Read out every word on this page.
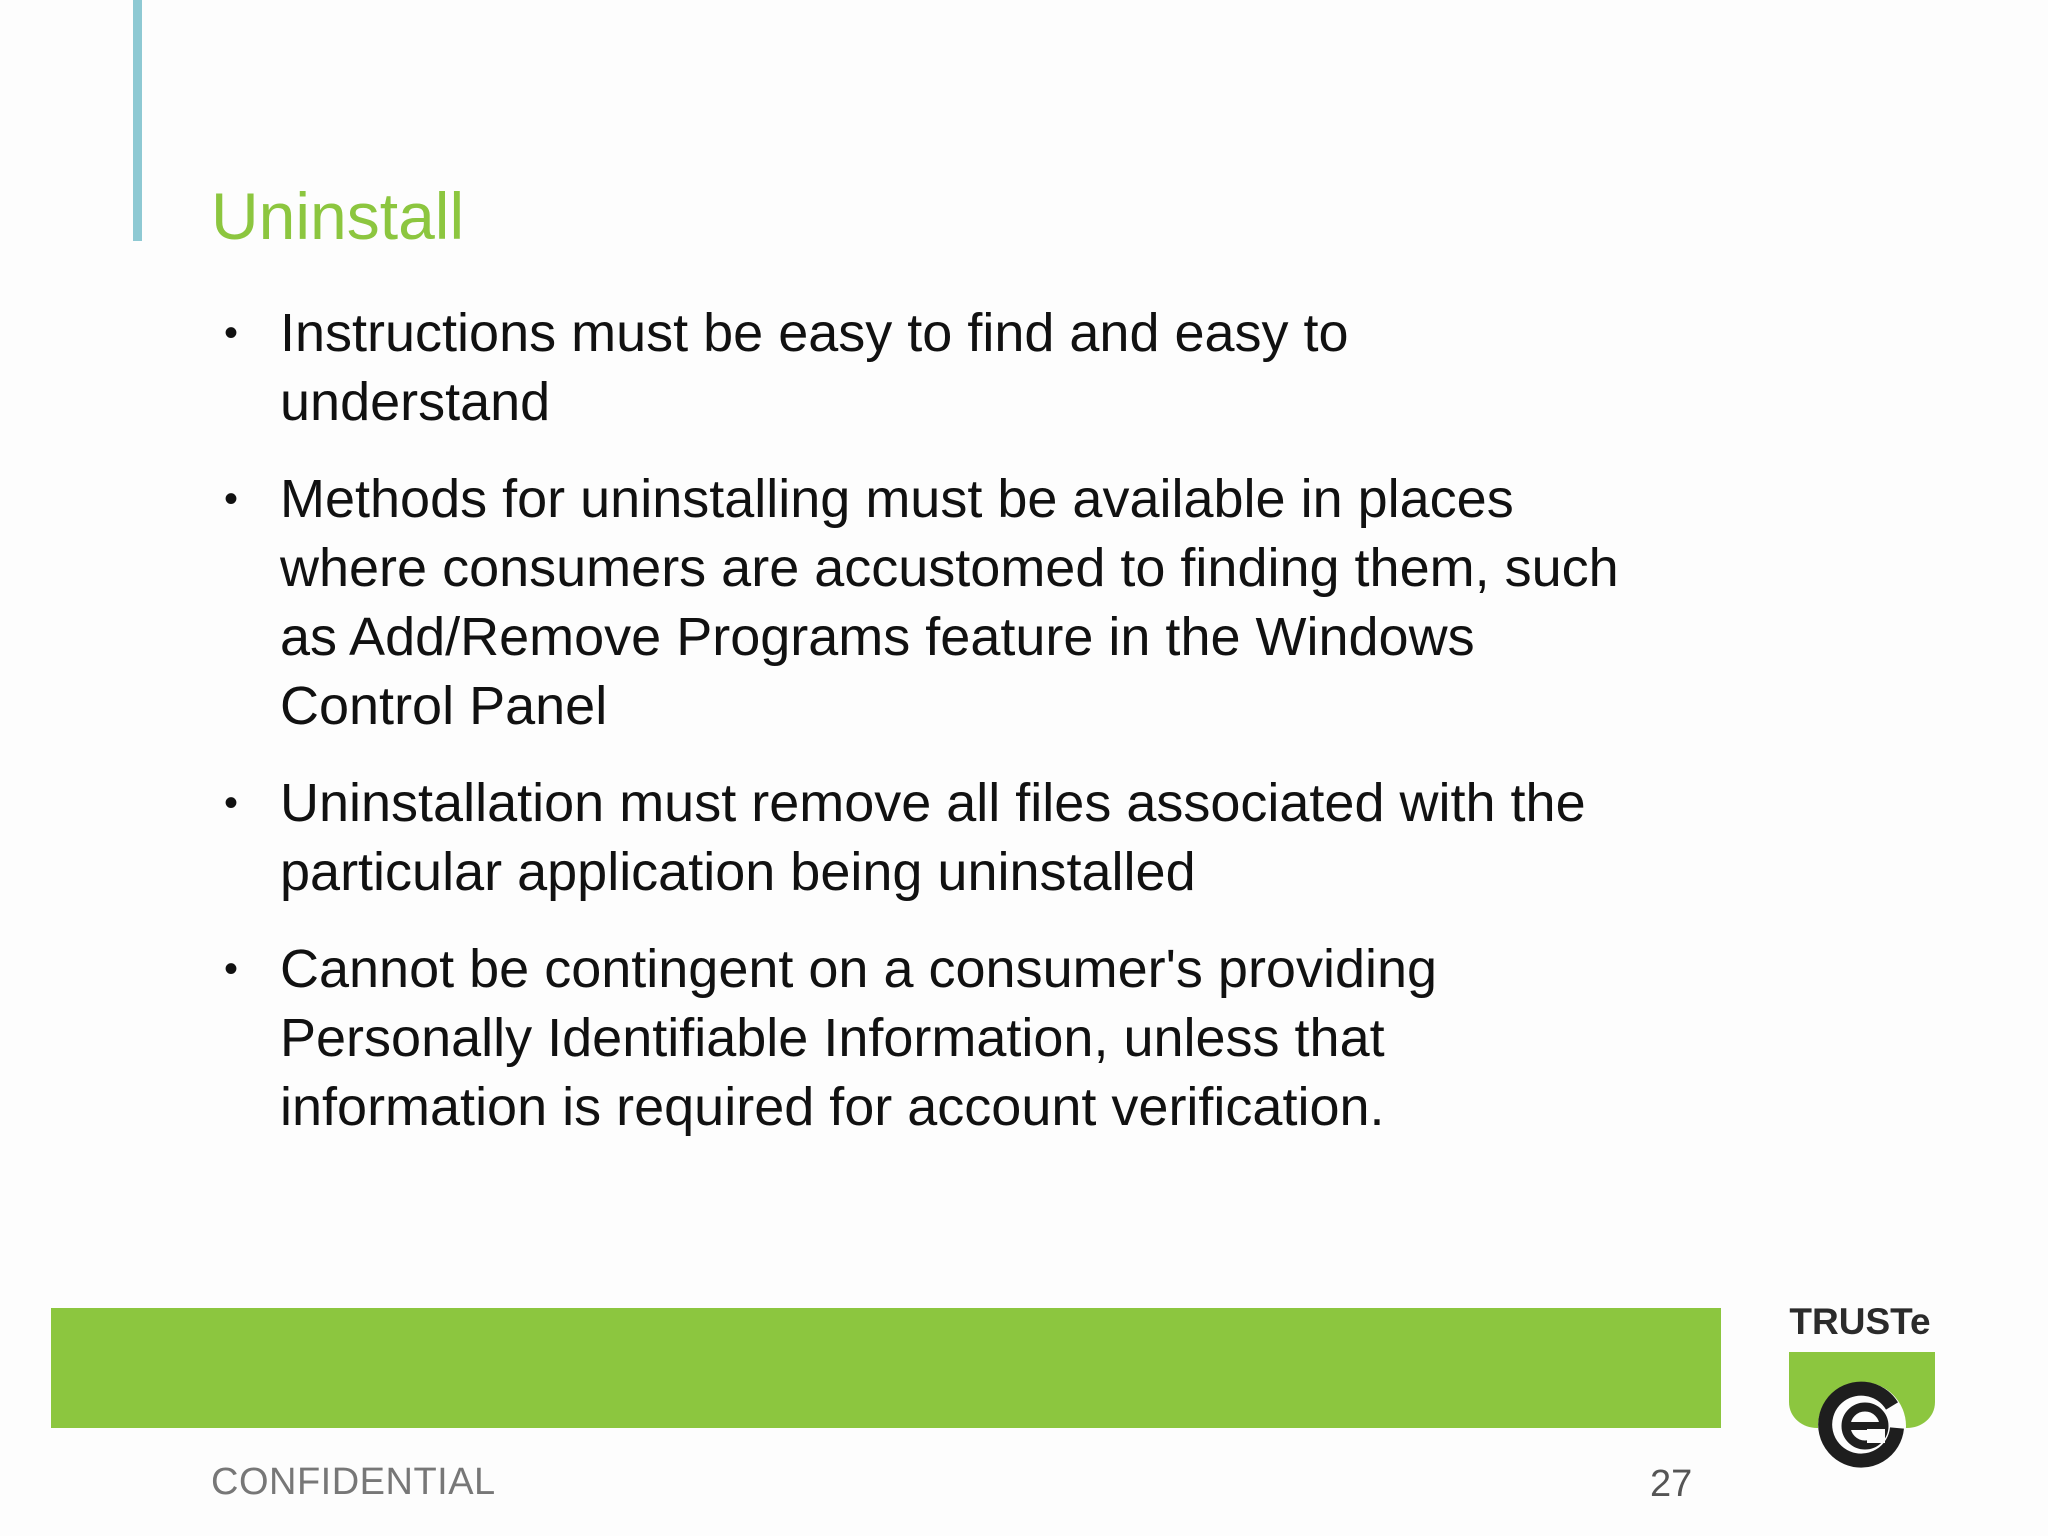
Uninstall
• Instructions must be easy to find and easy to
understand
• Methods for uninstalling must be available in places
where consumers are accustomed to finding them, such
as Add/Remove Programs feature in the Windows
Control Panel
• Uninstallation must remove all files associated with the
particular application being uninstalled
• Cannot be contingent on a consumer's providing
Personally Identifiable Information, unless that
information is required for account verification.
CONFIDENTIAL	27
TRUSTe
